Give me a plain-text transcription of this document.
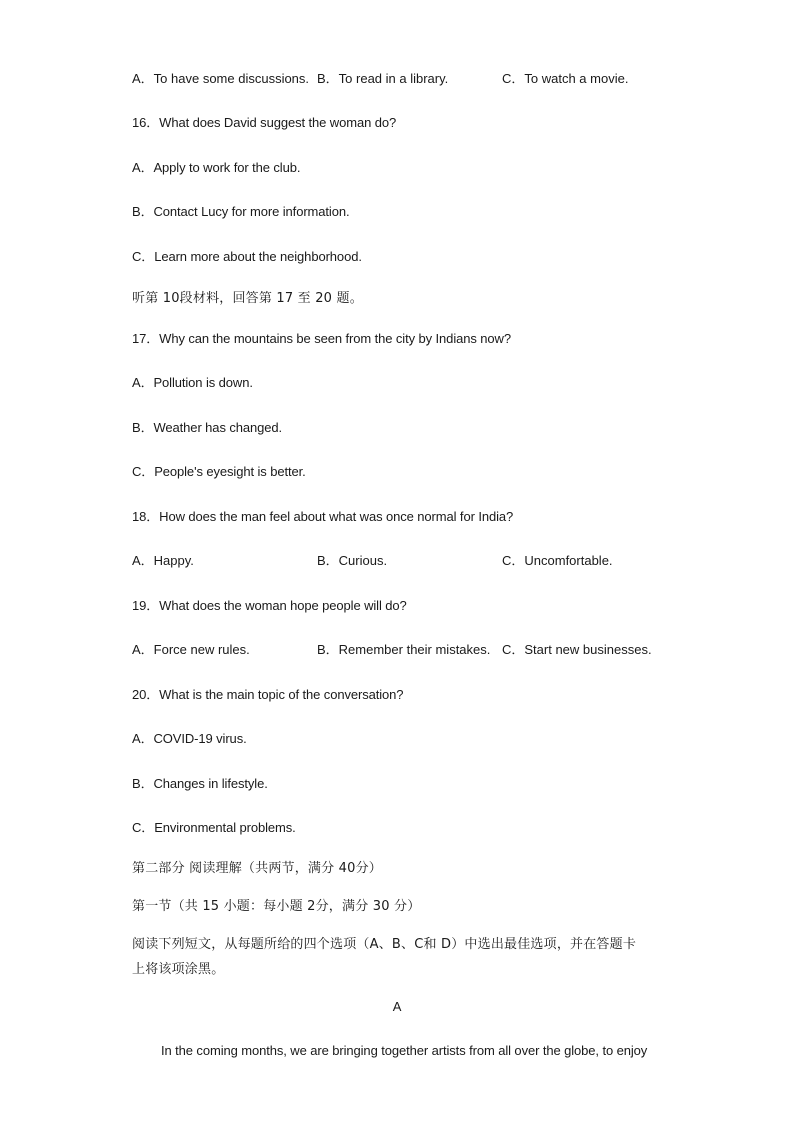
A．To have some discussions. B．To read in a library.	C．To watch a movie.
16．What does David suggest the woman do?
A．Apply to work for the club.
B．Contact Lucy for more information.
C．Learn more about the neighborhood.
听第 10段材料，回答第 17 至 20 题。
17．Why can the mountains be seen from the city by Indians now?
A．Pollution is down.
B．Weather has changed.
C．People's eyesight is better.
18．How does the man feel about what was once normal for India?
A．Happy.	B．Curious.	C．Uncomfortable.
19．What does the woman hope people will do?
A．Force new rules.	B．Remember their mistakes. C．Start new businesses.
20．What is the main topic of the conversation?
A．COVID-19 virus.
B．Changes in lifestyle.
C．Environmental problems.
第二部分 阅读理解（共两节，满分 40分）
第一节（共 15 小题：每小题 2分，满分 30 分）
阅读下列短文，从每题所给的四个选项（A、B、C和 D）中选出最佳选项，并在答题卡
上将该项涂黑。
A
In the coming months, we are bringing together artists from all over the globe, to enjoy
